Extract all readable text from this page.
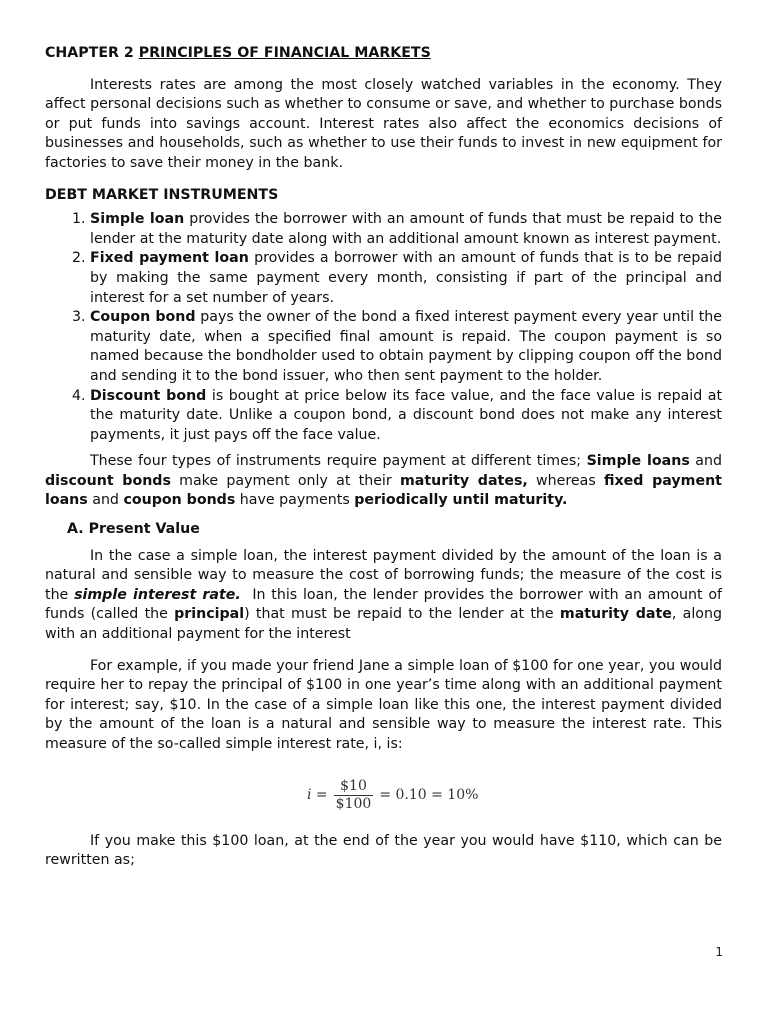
CHAPTER 2 PRINCIPLES OF FINANCIAL MARKETS

Interests rates are among the most closely watched variables in the economy. They affect personal decisions such as whether to consume or save, and whether to purchase bonds or put funds into savings account. Interest rates also affect the economics decisions of businesses and households, such as whether to use their funds to invest in new equipment for factories to save their money in the bank.

DEBT MARKET INSTRUMENTS

1. Simple loan provides the borrower with an amount of funds that must be repaid to the lender at the maturity date along with an additional amount known as interest payment.
2. Fixed payment loan provides a borrower with an amount of funds that is to be repaid by making the same payment every month, consisting if part of the principal and interest for a set number of years.
3. Coupon bond pays the owner of the bond a fixed interest payment every year until the maturity date, when a specified final amount is repaid. The coupon payment is so named because the bondholder used to obtain payment by clipping coupon off the bond and sending it to the bond issuer, who then sent payment to the holder.
4. Discount bond is bought at price below its face value, and the face value is repaid at the maturity date. Unlike a coupon bond, a discount bond does not make any interest payments, it just pays off the face value.

These four types of instruments require payment at different times; Simple loans and discount bonds make payment only at their maturity dates, whereas fixed payment loans and coupon bonds have payments periodically until maturity.

A. Present Value

In the case a simple loan, the interest payment divided by the amount of the loan is a natural and sensible way to measure the cost of borrowing funds; the measure of the cost is the simple interest rate. In this loan, the lender provides the borrower with an amount of funds (called the principal) that must be repaid to the lender at the maturity date, along with an additional payment for the interest

For example, if you made your friend Jane a simple loan of $100 for one year, you would require her to repay the principal of $100 in one year’s time along with an additional payment for interest; say, $10. In the case of a simple loan like this one, the interest payment divided by the amount of the loan is a natural and sensible way to measure the interest rate. This measure of the so-called simple interest rate, i, is:

$i = \frac{\$10}{\$100} = 0.10 = 10\%$

If you make this $100 loan, at the end of the year you would have $110, which can be rewritten as;

1
